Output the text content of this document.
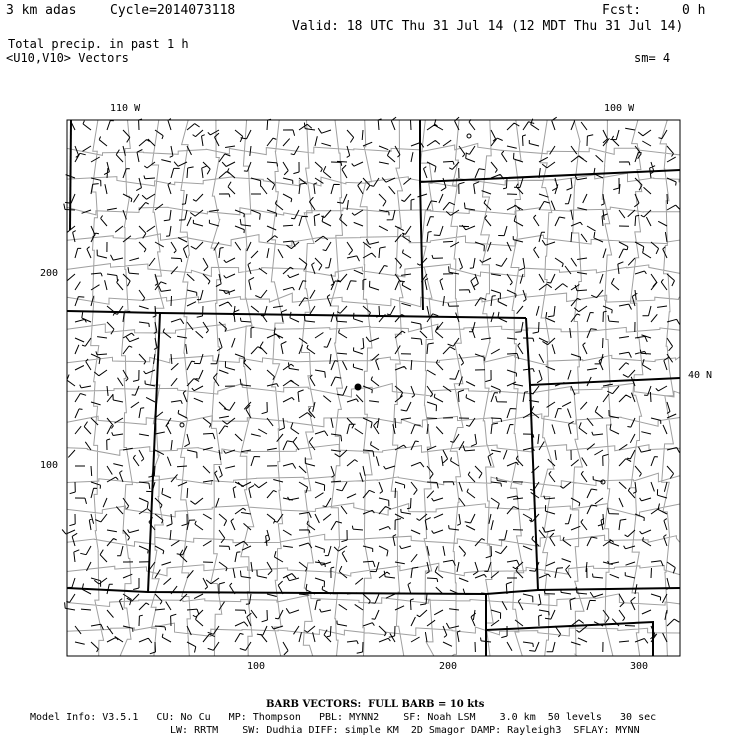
3 km adas	Cycle=2014073118	Fcst:	0 h
Valid: 18 UTC Thu 31 Jul 14 (12 MDT Thu 31 Jul 14)
Total precip. in past 1 h
<U10,V10> Vectors	sm= 4
110 W	100 W
40 N
200
100
100	200	300
BARB VECTORS:  FULL BARB = 10 kts
Model Info: V3.5.1   CU: No Cu   MP: Thompson   PBL: MYNN2    SF: Noah LSM    3.0 km  50 levels   30 sec
LW: RRTM    SW: Dudhia DIFF: simple KM  2D Smagor DAMP: Rayleigh3  SFLAY: MYNN
